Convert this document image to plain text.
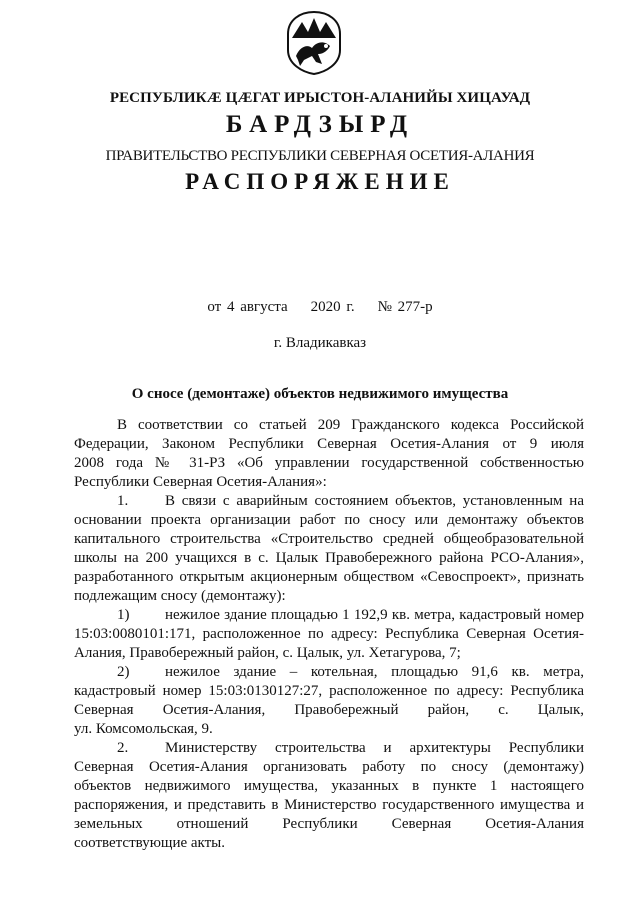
РЕСПУБЛИКӔ ЦӔГАТ ИРЫСТОН-АЛАНИЙЫ ХИЦАУАД
БАРДЗЫРД
ПРАВИТЕЛЬСТВО РЕСПУБЛИКИ СЕВЕРНАЯ ОСЕТИЯ-АЛАНИЯ
РАСПОРЯЖЕНИЕ
от 4 августа 2020 г. № 277-р
г. Владикавказ
О сносе (демонтаже) объектов недвижимого имущества
В соответствии со статьей 209 Гражданского кодекса Российской
Федерации, Законом Республики Северная Осетия-Алания от 9 июля
2008 года № 31-РЗ «Об управлении государственной собственностью
Республики Северная Осетия-Алания»:
1. В связи с аварийным состоянием объектов, установленным на
основании проекта организации работ по сносу или демонтажу объектов
капитального строительства «Строительство средней общеобразовательной
школы на 200 учащихся в с. Цалык Правобережного района РСО-Алания»,
разработанного открытым акционерным обществом «Севоспроект», признать
подлежащим сносу (демонтажу):
1) нежилое здание площадью 1 192,9 кв. метра, кадастровый номер
15:03:0080101:171, расположенное по адресу: Республика Северная Осетия-
Алания, Правобережный район, с. Цалык, ул. Хетагурова, 7;
2) нежилое здание – котельная, площадью 91,6 кв. метра,
кадастровый номер 15:03:0130127:27, расположенное по адресу: Республика
Северная Осетия-Алания, Правобережный район, с. Цалык,
ул. Комсомольская, 9.
2. Министерству строительства и архитектуры Республики
Северная Осетия-Алания организовать работу по сносу (демонтажу)
объектов недвижимого имущества, указанных в пункте 1 настоящего
распоряжения, и представить в Министерство государственного имущества и
земельных отношений Республики Северная Осетия-Алания
соответствующие акты.
